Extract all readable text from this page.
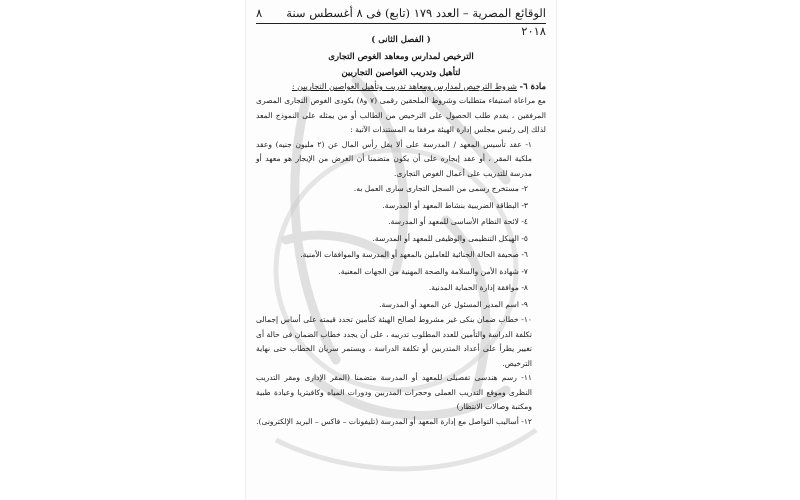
الوقائع المصرية – العدد ١٧٩ (تابع) فى ٨ أغسطس سنة ٢٠١٨
٨
( الفصل الثانى )
الترخيص لمدارس ومعاهد الغوص التجارى
لتأهيل وتدريب الغواصين التجاريين
مادة ٦- شروط الترخيص لمدارس ومعاهد تدريب وتأهيل الغواصين التجاريين :
مع مراعاة استيفاء متطلبات وشروط الملحقين رقمى (٧ و٨) بكودى الغوص التجارى المصرى المرفقين ، يقدم طلب الحصول على الترخيص من الطالب أو من يمثله على النموذج المعد لذلك إلى رئيس مجلس إدارة الهيئة مرفقا به المستندات الآتية :
١- عقد تأسيس المعهد / المدرسة على ألا يقل رأس المال عن (٢ مليون جنيه) وعقد ملكية المقر ، أو عقد إيجاره على أن يكون متضمنا أن الغرض من الإيجار هو معهد أو مدرسة للتدريب على أعمال الغوص التجارى.
٢- مستخرج رسمى من السجل التجارى سارى العمل به.
٣- البطاقة الضريبية بنشاط المعهد أو المدرسة.
٤- لائحة النظام الأساسى للمعهد أو المدرسة.
٥- الهيكل التنظيمى والوظيفى للمعهد أو المدرسة.
٦- صحيفة الحالة الجنائية للعاملين بالمعهد أو المدرسة والموافقات الأمنية.
٧- شهادة الأمن والسلامة والصحة المهنية من الجهات المعنية.
٨- موافقة إدارة الحماية المدنية.
٩- اسم المدير المسئول عن المعهد أو المدرسة.
١٠- خطاب ضمان بنكى غير مشروط لصالح الهيئة كتأمين تحدد قيمته على أساس إجمالى تكلفة الدراسة والتأمين للعدد المطلوب تدريبه ، على أن يجدد خطاب الضمان فى حالة أى تغيير يطرأ على أعداد المتدربين أو تكلفة الدراسة ، ويستمر سريان الخطاب حتى نهاية الترخيص.
١١- رسم هندسى تفصيلى للمعهد أو المدرسة متضمنا (المقر الإدارى ومقر التدريب النظرى وموقع التدريب العملى وحجرات المدربين ودورات المياه وكافيتريا وعيادة طبية ومكتبة وصالات الانتظار)
١٢- أساليب التواصل مع إدارة المعهد أو المدرسة (تليفونات – فاكس – البريد الإلكترونى).
